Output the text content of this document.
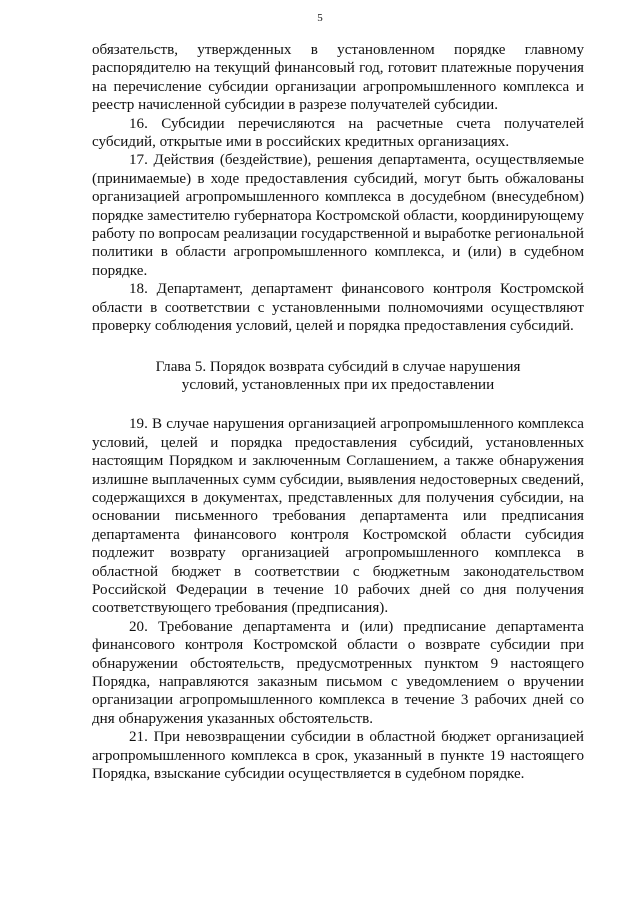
5

обязательств, утвержденных в установленном порядке главному распорядителю на текущий финансовый год, готовит платежные поручения на перечисление субсидии организации агропромышленного комплекса и реестр начисленной субсидии в разрезе получателей субсидии.

16. Субсидии перечисляются на расчетные счета получателей субсидий, открытые ими в российских кредитных организациях.

17. Действия (бездействие), решения департамента, осуществляемые (принимаемые) в ходе предоставления субсидий, могут быть обжалованы организацией агропромышленного комплекса в досудебном (внесудебном) порядке заместителю губернатора Костромской области, координирующему работу по вопросам реализации государственной и выработке региональной политики в области агропромышленного комплекса, и (или) в судебном порядке.

18. Департамент, департамент финансового контроля Костромской области в соответствии с установленными полномочиями осуществляют проверку соблюдения условий, целей и порядка предоставления субсидий.

Глава 5. Порядок возврата субсидий в случае нарушения

условий, установленных при их предоставлении

19. В случае нарушения организацией агропромышленного комплекса условий, целей и порядка предоставления субсидий, установленных настоящим Порядком и заключенным Соглашением, а также обнаружения излишне выплаченных сумм субсидии, выявления недостоверных сведений, содержащихся в документах, представленных для получения субсидии, на основании письменного требования департамента или предписания департамента финансового контроля Костромской области субсидия подлежит возврату организацией агропромышленного комплекса в областной бюджет в соответствии с бюджетным законодательством Российской Федерации в течение 10 рабочих дней со дня получения соответствующего требования (предписания).

20. Требование департамента и (или) предписание департамента финансового контроля Костромской области о возврате субсидии при обнаружении обстоятельств, предусмотренных пунктом 9 настоящего Порядка, направляются заказным письмом с уведомлением о вручении организации агропромышленного комплекса в течение 3 рабочих дней со дня обнаружения указанных обстоятельств.

21. При невозвращении субсидии в областной бюджет организацией агропромышленного комплекса в срок, указанный в пункте 19 настоящего Порядка, взыскание субсидии осуществляется в судебном порядке.
